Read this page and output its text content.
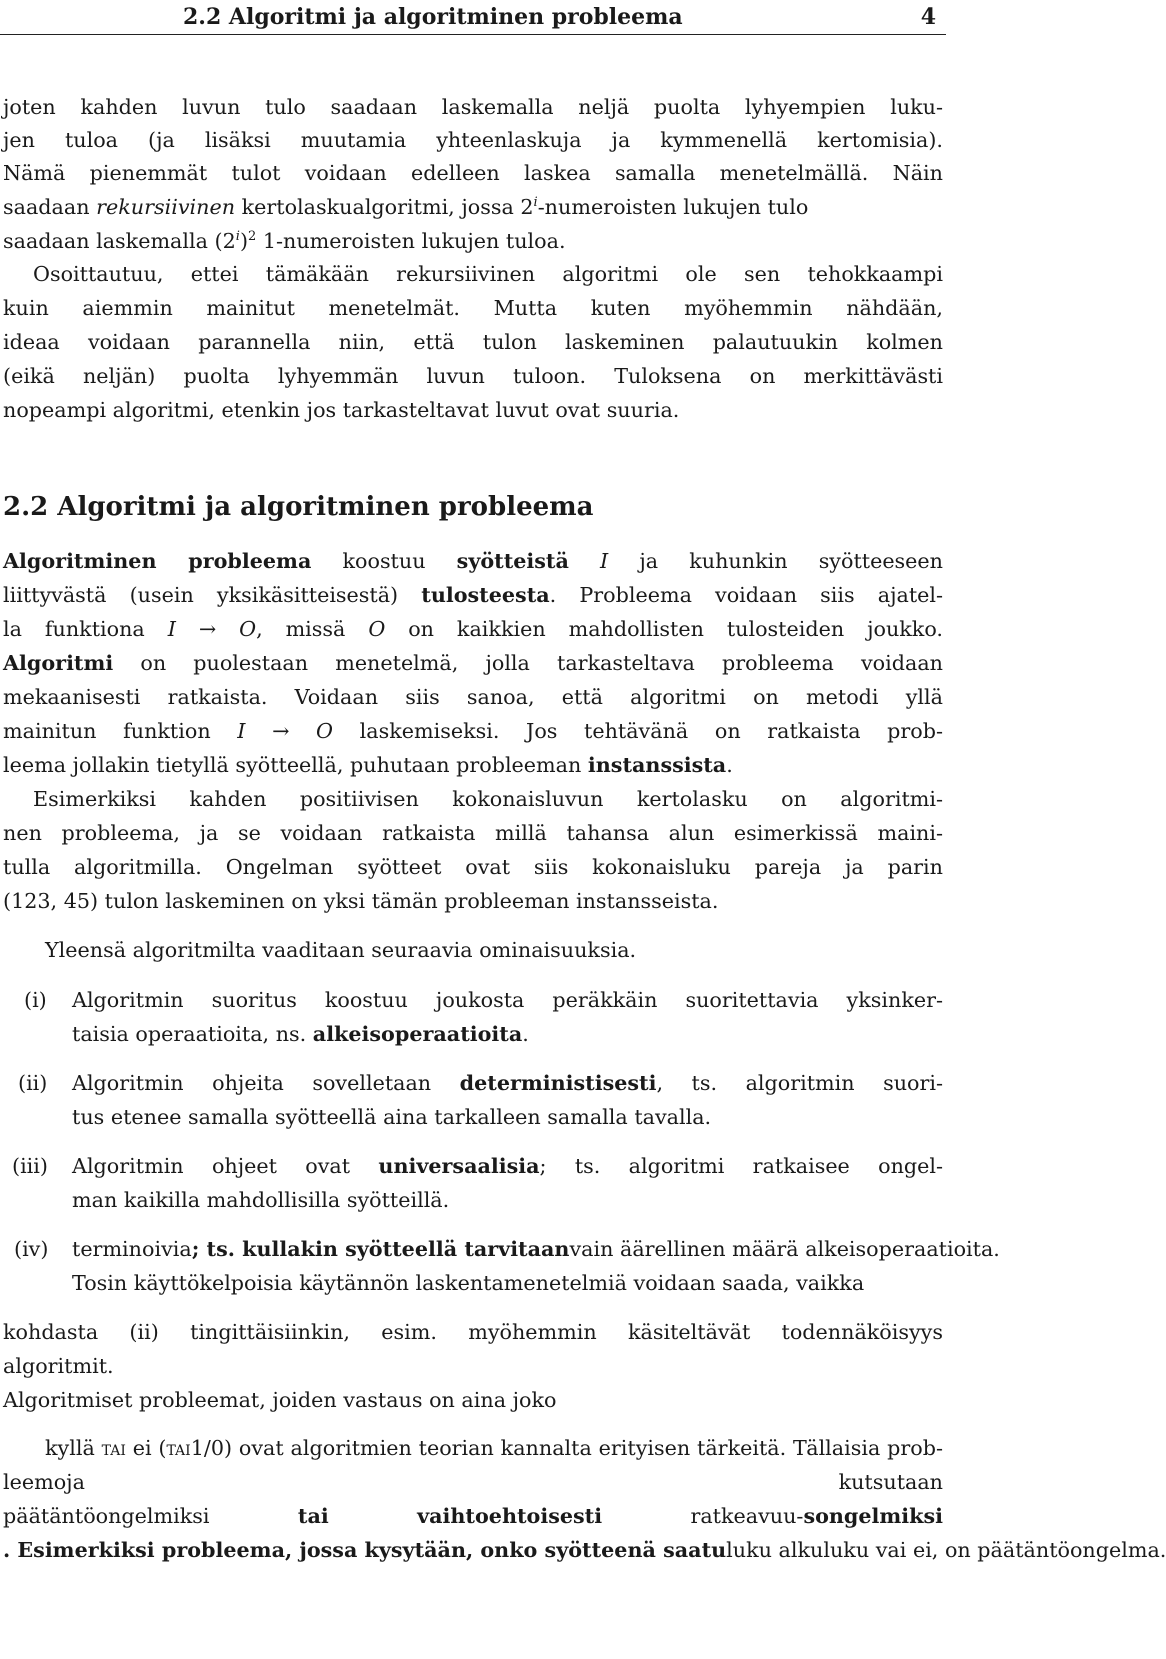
2.2 Algoritmi ja algoritminen probleema	4
joten kahden luvun tulo saadaan laskemalla neljä puolta lyhyempien luku-
jen tuloa (ja lisäksi muutamia yhteenlaskuja ja kymmenellä kertomisia).
Nämä pienemmät tulot voidaan edelleen laskea samalla menetelmällä. Näin
saadaan rekursiivinen kertolaskualgoritmi, jossa 2$^i$-numeroisten lukujen tulo
saadaan laskemalla $(2^i)^2$ 1-numeroisten lukujen tuloa.
Osoittautuu, ettei tämäkään rekursiivinen algoritmi ole sen tehokkaampi
kuin aiemmin mainitut menetelmät. Mutta kuten myöhemmin nähdään,
ideaa voidaan parannella niin, että tulon laskeminen palautuukin kolmen
(eikä neljän) puolta lyhyemmän luvun tuloon. Tuloksena on merkittävästi
nopeampi algoritmi, etenkin jos tarkasteltavat luvut ovat suuria.
2.2 Algoritmi ja algoritminen probleema
Algoritminen probleema koostuu syötteistä I ja kuhunkin syötteeseen
liittyvästä (usein yksikäsitteisestä) tulosteesta. Probleema voidaan siis ajatel-
la funktiona I → O, missä O on kaikkien mahdollisten tulosteiden joukko.
Algoritmi on puolestaan menetelmä, jolla tarkasteltava probleema voidaan
mekaanisesti ratkaista. Voidaan siis sanoa, että algoritmi on metodi yllä
mainitun funktion I → O laskemiseksi. Jos tehtävänä on ratkaista prob-
leema jollakin tietyllä syötteellä, puhutaan probleeman instanssista.
Esimerkiksi kahden positiivisen kokonaisluvun kertolasku on algoritmi-
nen probleema, ja se voidaan ratkaista millä tahansa alun esimerkissä maini-
tulla algoritmilla. Ongelman syötteet ovat siis kokonaisluku pareja ja parin
(123, 45) tulon laskeminen on yksi tämän probleeman instansseista.
Yleensä algoritmilta vaaditaan seuraavia ominaisuuksia.
(i) Algoritmin suoritus koostuu joukosta peräkkäin suoritettavia yksinker-
taisia operaatioita, ns. alkeisoperaatioita.
(ii) Algoritmin ohjeita sovelletaan deterministisesti, ts. algoritmin suori-
tus etenee samalla syötteellä aina tarkalleen samalla tavalla.
(iii) Algoritmin ohjeet ovat universaalisia; ts. algoritmi ratkaisee ongel-
man kaikilla mahdollisilla syötteillä.
(iv) terminoivia; ts. kullakin syötteellä tarvitaanvain äärellinen määrä alkeisoperaatioita.
Tosin käyttökelpoisia käytännön laskentamenetelmiä voidaan saada, vaikka
kohdasta (ii) tingittäisiinkin, esim. myöhemmin käsiteltävät todennäköisyys
algoritmit.
Algoritmiset probleemat, joiden vastaus on aina joko
kyllä tai ei (tai1/0) ovat algoritmien teorian kannalta erityisen tärkeitä. Tällaisia prob-
leemoja kutsutaan
päätäntöongelmiksi tai vaihtoehtoisesti ratkeavuu-songelmiksi
. Esimerkiksi probleema, jossa kysytään, onko syötteenä saatuluku alkuluku vai ei, on päätäntöongelma.
